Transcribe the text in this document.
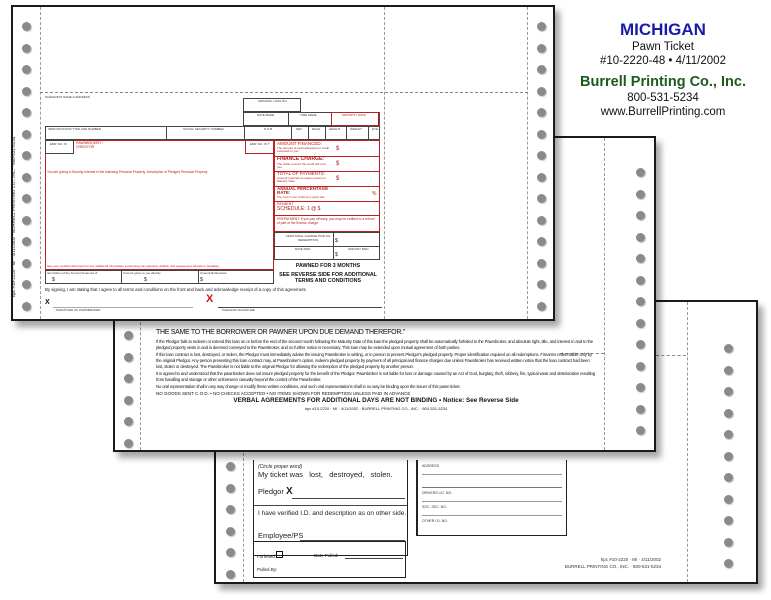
(Circle proper word)
My ticket was   lost,   destroyed,   stolen.
Pledgor X
I have verified I.D. and description as on other side.
Employee/PS
Forfeited	Date Pulled:
Pulled By:
ADDRESS
DRIVERS LIC. NO.
SOC. SEC. NO.
OTHER I.D. NO.
hpc #10-2220 · MI · 4/11/2002
BURRELL PRINTING CO., INC. · 800-531-5234
THE SAME TO THE BORROWER OR PAWNER UPON DUE DEMAND THEREFOR."
If the Pledgor fails to redeem or extend this loan on or before the end of the second month following the Maturity Date of this loan the pledged property shall be automatically forfeited to the Pawnbroker, and absolute right, title, and interest in and to the pledged property vests in and is deemed conveyed to the Pawnbroker, and no further notice is necessary. This loan may be extended upon mutual agreement of both parties.
If this loan contract is lost, destroyed, or stolen, the Pledgor must immediately advise the issuing Pawnbroker in writing, or in person to prevent Pledgor's pledged property. Proper identification required on all redemptions. Firearms redeemable only by the original Pledgor. Any person presenting this loan contract may, at Pawnbroker's option, redeem pledged property by payment of all principal and finance charges due unless Pawnbroker has received written notice that the loan contract had been lost, stolen or destroyed. The Pawnbroker is not liable to the original Pledgor for allowing the redemption of the pledged property by another person.
It is agreed to and understood that the pawnbroker does not insure pledged property for the benefit of the Pledgor. Pawnbroker is not liable for loss or damage caused by an Act of God, burglary, theft, robbery, fire, typical wear and deterioration resulting from handling and storage or other unforeseen casualty beyond the control of the Pawnbroker.
No oral representation shall in any way change or modify these written conditions, and such oral representations shall in no way be binding upon the issuer of this pawn ticket.
NO GOODS SENT C.O.D. • NO CHECKS ACCEPTED • NO ITEMS SHOWN FOR REDEMPTION UNLESS PAID IN ADVANCE
VERBAL AGREEMENTS FOR ADDITIONAL DAYS ARE NOT BINDING • Notice: See Reverse Side
hpc #10-2220 · MI · 4/11/2002 · BURRELL PRINTING CO., INC. · 800-531-5234
hpc #10-2220 · MI · 4/11/2002 · BURRELL PRINTING CO., INC. · 800-531-5234
PLEDGOR'S NAME & ADDRESS
ORIGINAL LOAN NO.
DATE MADE	TIME MADE	MATURITY DATE
IDENTIFICATION TYPE AND NUMBER	SOCIAL SECURITY NUMBER	D.O.B.	SEX	RACE	HEIGHT	WEIGHT	EYE
EMP. NO. IS	PAWNBROKER / CREDITOR
You are giving a Security Interest in the following Personal Property. Description of Pledged Personal Property
See your contract document for any additional information concerning non-payment, default, and prepayment refunds or penalties.
EMP. NO. IS T AMOUNT FINANCED:
The amount of cash advanced or credit extended to you.	$
FINANCE CHARGE:
The dollar amount the credit will cost you.
$
TOTAL OF PAYMENTS:
Amount required to redeem pawn on Maturity Date.	$
ANNUAL PERCENTAGE RATE:
The cost of your credit as a yearly rate.	%
PAYMENT
SCHEDULE: 1 @ $
PREPAYMENT: If you pay off early, you may be entitled to a refund of part of the finance charge.
ADDITIONAL CHARGE PAID ON REDEMPTION	$
DATE PAID	AMOUNT PAID
$
PAWNED FOR 3 MONTHS
SEE REVERSE SIDE FOR ADDITIONAL TERMS AND CONDITIONS
Itemization of the Amount Financed of
$
Amount given to you directly
$
Amount Refinanced
$
By signing, I am stating that I agree to all terms and conditions on the front and back and acknowledge receipt of a copy of this agreement.
X
SIGNATURE OF PAWNBROKER
X
PLEDGOR SIGNATURE
MICHIGAN
Pawn Ticket
#10-2220-48 • 4/11/2002
Burrell Printing Co., Inc.
800-531-5234
www.BurrellPrinting.com
